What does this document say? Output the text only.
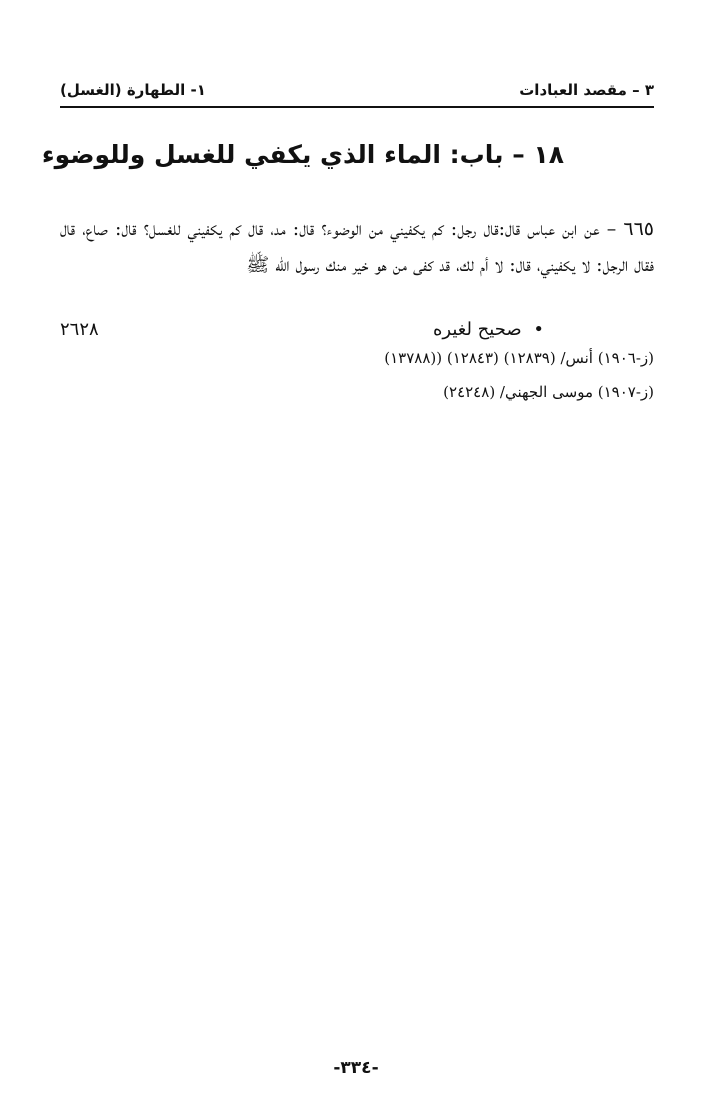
٣ – مقصد العبادات
١- الطهارة (الغسل)
١٨ – باب: الماء الذي يكفي للغسل وللوضوء

٦٦٥ – عن ابن عباس قال:قال رجل: كم يكفيني من الوضوء؟ قال: مد، قال كم يكفيني للغسل؟ قال: صاع، قال فقال الرجل: لا يكفيني، قال: لا أم لك، قد كفى من هو خير منك رسول الله ﷺ

• صحيح لغيره
٢٦٢٨
(ز-١٩٠٦) أنس/ (١٢٨٣٩) (١٢٨٤٣) ((١٣٧٨٨)
(ز-١٩٠٧) موسى الجهني/ (٢٤٢٤٨)
-٣٣٤-
